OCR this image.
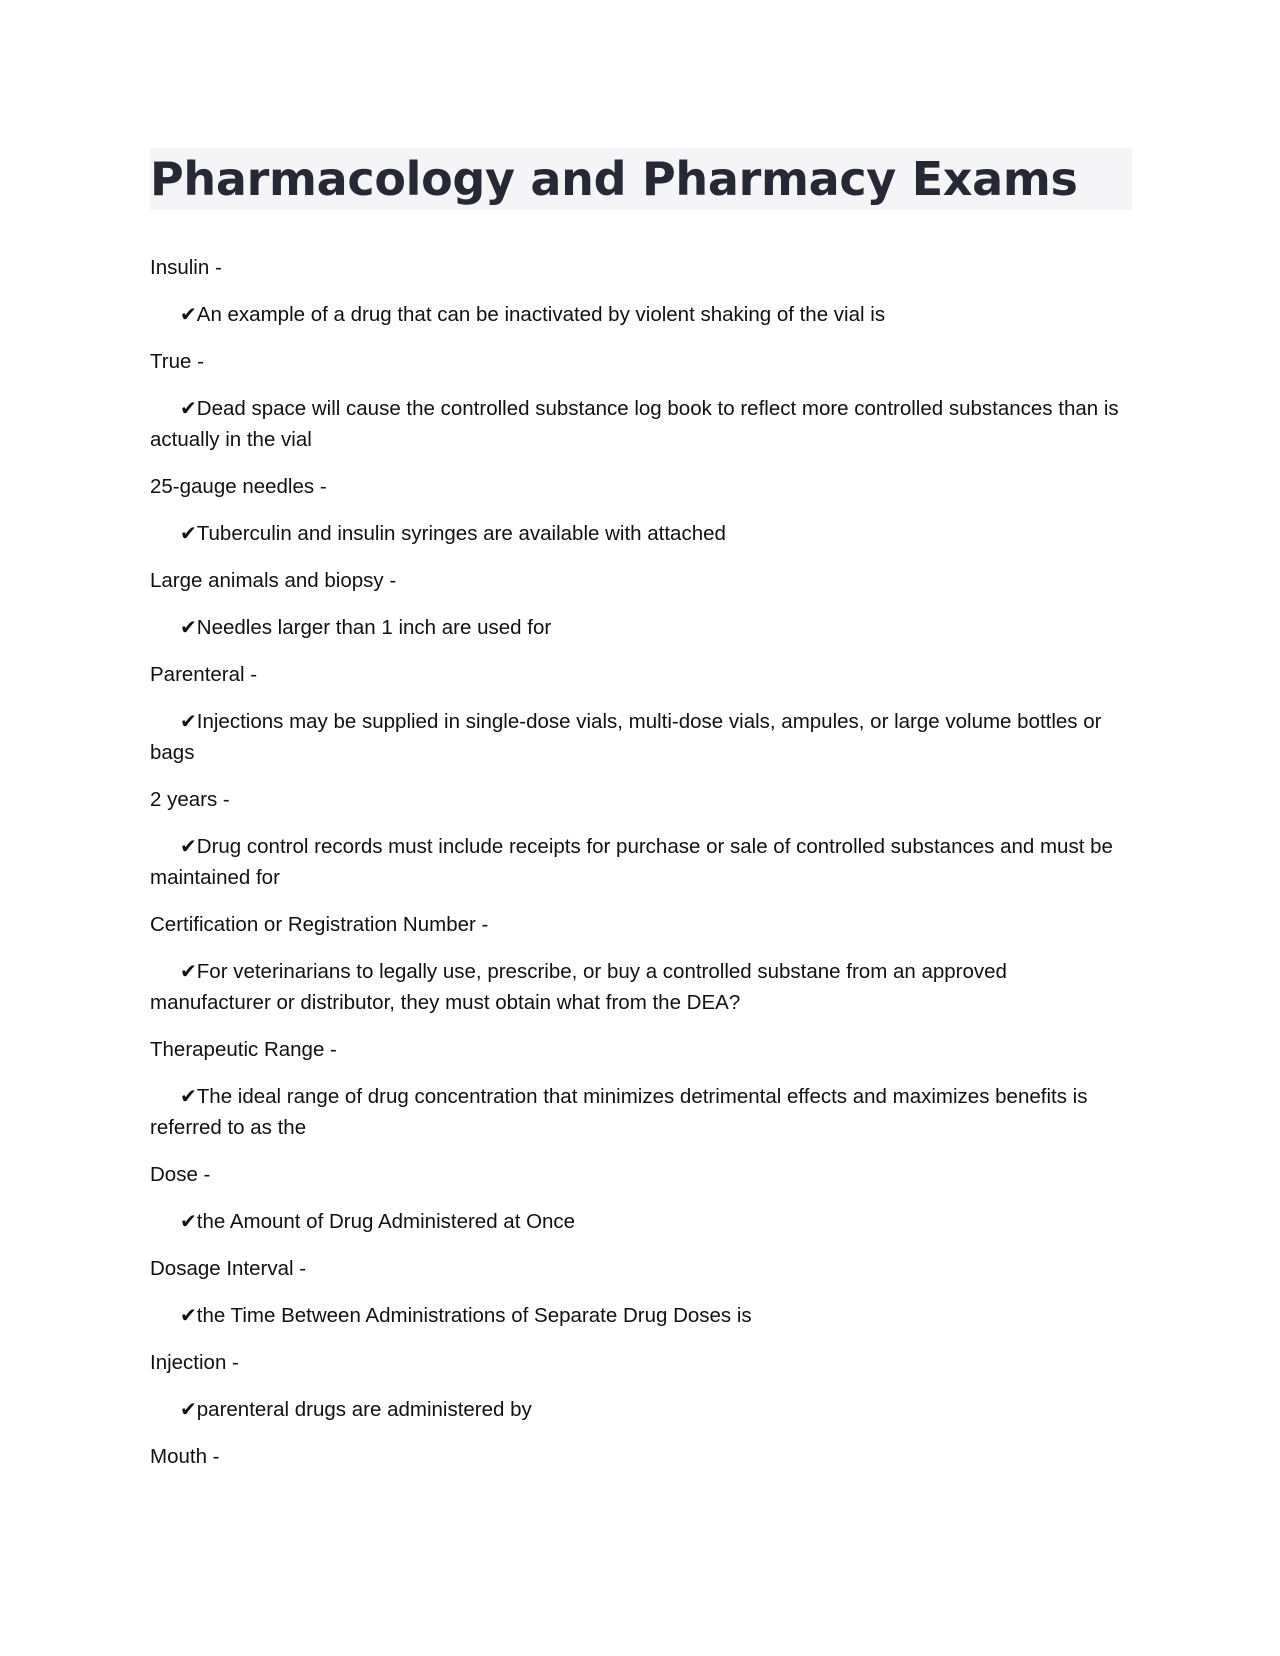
Pharmacology and Pharmacy Exams

Insulin -

✔An example of a drug that can be inactivated by violent shaking of the vial is

True -

✔Dead space will cause the controlled substance log book to reflect more controlled substances than is actually in the vial

25-gauge needles -

✔Tuberculin and insulin syringes are available with attached

Large animals and biopsy -

✔Needles larger than 1 inch are used for

Parenteral -

✔Injections may be supplied in single-dose vials, multi-dose vials, ampules, or large volume bottles or bags

2 years -

✔Drug control records must include receipts for purchase or sale of controlled substances and must be maintained for

Certification or Registration Number -

✔For veterinarians to legally use, prescribe, or buy a controlled substane from an approved manufacturer or distributor, they must obtain what from the DEA?

Therapeutic Range -

✔The ideal range of drug concentration that minimizes detrimental effects and maximizes benefits is referred to as the

Dose -

✔the Amount of Drug Administered at Once

Dosage Interval -

✔the Time Between Administrations of Separate Drug Doses is

Injection -

✔parenteral drugs are administered by

Mouth -
